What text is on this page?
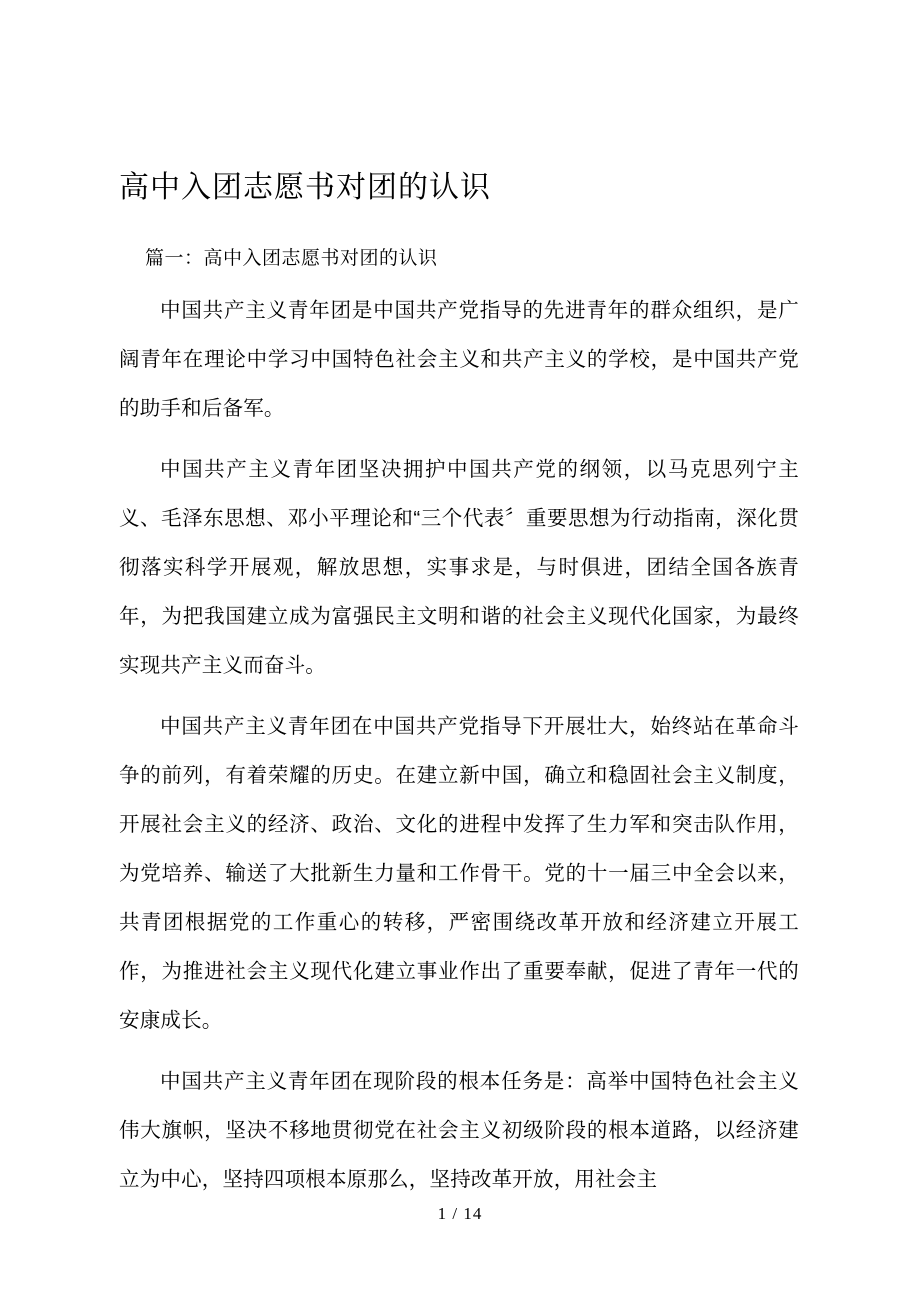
高中入团志愿书对团的认识

篇一：高中入团志愿书对团的认识

中国共产主义青年团是中国共产党指导的先进青年的群众组织，是广阔青年在理论中学习中国特色社会主义和共产主义的学校，是中国共产党的助手和后备军。

中国共产主义青年团坚决拥护中国共产党的纲领，以马克思列宁主义、毛泽东思想、邓小平理论和“三个代表〞重要思想为行动指南，深化贯彻落实科学开展观，解放思想，实事求是，与时俱进，团结全国各族青年，为把我国建立成为富强民主文明和谐的社会主义现代化国家，为最终实现共产主义而奋斗。

中国共产主义青年团在中国共产党指导下开展壮大，始终站在革命斗争的前列，有着荣耀的历史。在建立新中国，确立和稳固社会主义制度，开展社会主义的经济、政治、文化的进程中发挥了生力军和突击队作用，为党培养、输送了大批新生力量和工作骨干。党的十一届三中全会以来，共青团根据党的工作重心的转移，严密围绕改革开放和经济建立开展工作，为推进社会主义现代化建立事业作出了重要奉献，促进了青年一代的安康成长。

中国共产主义青年团在现阶段的根本任务是：高举中国特色社会主义伟大旗帜，坚决不移地贯彻党在社会主义初级阶段的根本道路，以经济建立为中心，坚持四项根本原那么，坚持改革开放，用社会主

1 / 14
